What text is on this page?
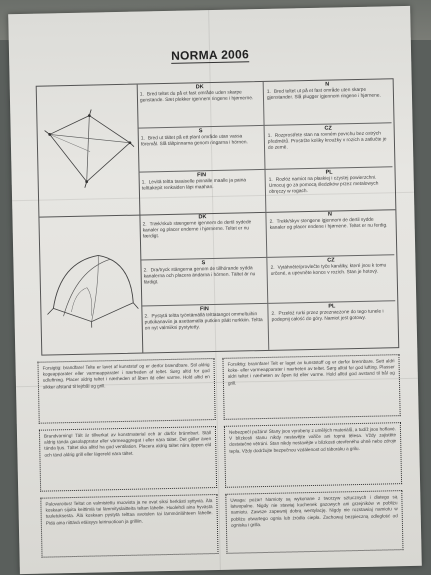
NORMA 2006
DK
1. Bred teltet du på et fast område uden skarpe genstande. Sæt plekker igennem ringene i hjørnerne.
N
1. Bred teltet ut på et fast område uten skarpe gjenstander. Slå plugger igjennom ringene i hjørnene.
S
1. Bred ut tältet på ett plant område utan vassa föremål. Slå tältpinnarna genom ringarna i hörnen.
CZ
1. Rozprostřete stan na rovném povrchu bez ostrých předmětů. Prostrčte kolíky kroužky v rozích a zatlučte je do země.
FIN
1. Levitä teltta tasaiselle pinnalle maalle ja paina telttakepit renkaiden läpi maahan.
PL
1. Rozłóż namiot na płaskiej i czystej powierzchni. Umocuj go za pomocą śledzików przez metalowych obręczy w rogach.
DK
2. Træk/skub stængerne igennem de dertil sydede kanaler og placer enderne i hjørnerne. Teltet er nu færdigt.
N
2. Trekk/skyv stengene igjennom de dertil sydde kanaler og placer endene i hjørnene. Teltet er nu ferdig.
S
2. Dra/tryck stängerna genom de tillhörande sydda kanalerna och placera ändarna i hörnen. Tältet är nu färdigt.
CZ
2. Vytáhněte/provlečte tyče kanálky, které jsou k tomu určené, a upevněte konce v rozích. Stan je hotový.
FIN
2. Pystytä teltta työntämällä telttatangot ommeltuihin putkikanaviin ja asettamalla putkien päät nurkkiin. Teltta on nyt valmiiksi pystytetty.
PL
2. Przełóż rurki przez przeznaczone do tego tunele i podepnij całość do góry. Namiot jest gotowy.
Forsigtig: brandfare! Telte er lavet af kunststof og er derfor brændbare. Stil aldrig kogeapparater eller varmeapparater i nærheden af teltet. Sørg altid for god udluftning. Placer aldrig teltet i nærheden af åben ild eller varme. Hold altid en sikker afstand til lejrbål og grill.
Forsiktig: brannfare! Telt er laget av kunststoff og er derfor brennbare. Sett aldri koke- eller varmeapparater i nærheten av teltet. Sørg alltid for god lufting. Plasser aldri teltet i nærheten av åpen ild eller varme. Hold alltid god avstand til bål og grill.
Brandvarning! Tält är tillverkat av konstmaterial och är därför brännbart. Ställ aldrig tända gasolappratar eller värmeaggregat i eller nära tältet. Det gäller även tända ljus. Tältet ska alltid ha god ventilation. Placera aldrig tältet nära öppen eld och tänd aldrig grill eller lägereld nära tältet.
Nebezpečí požáru! Stany jsou vyrobeny z umělých materiálů, a tudíž jsou hořlavé. V blízkosti stanu nikdy nestavějte vařiče ani topná tělesa. Vždy zajistěte dostatečné větrání. Stan nikdy nestavějte v blízkosti otevřeného ohně nebo zdroje tepla. Vždy dodržujte bezpečnou vzdálenost od táboráku a grilu.
Palovaroitus! Teltat on valmistettu muovista ja ne ovat siksi herkästi syttyviä. Älä koskaan sijoita keittimiä tai lämmityslaitteita teltan lähelle. Huolehdi aina hyvästä tuuletuksesta. Älä koskaan pystytä telttaa avotulen tai lämmönlähteen lähelle. Pidä aina riittävä etäisyys leirinuotioon ja grilliin.
Uwaga: pożar! Namioty są wykonane z tworzyw sztucznych i dlatego są łatwopalne. Nigdy nie stawiaj kuchenek gazowych ani grzejników w pobliżu namiotu. Zawsze zapewnij dobrą wentylację. Nigdy nie rozstawiaj namiotu w pobliżu otwartego ognia lub źródła ciepła. Zachowaj bezpieczną odległość od ogniska i grilla.
